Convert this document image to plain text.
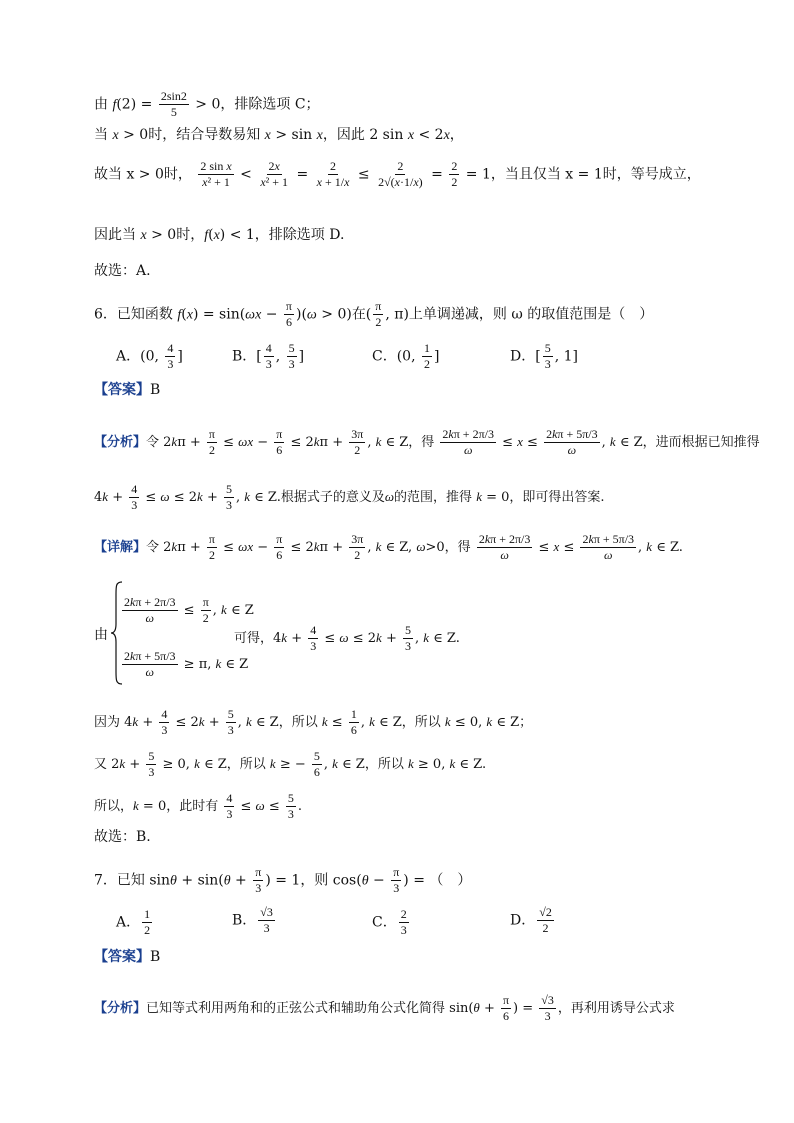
由 $f(2) = \frac{2\sin 2}{5} > 0$，排除选项 C；
当 x > 0时，结合导数易知 x > sin x，因此 2 sin x < 2x，
故当 x > 0时， $\frac{\text{2 sin x}}{\text{x² + 1}} < \frac{2x}{\text{x² + 1}} = \frac{2}{x + 1/x} \le \frac{2}{2√(x\cdot 1/x)} = \frac{2}{2} = 1$，当且仅当 x = 1时，等号成立，
因此当 x > 0时，f(x) < 1，排除选项 D.
故选：A.
6．已知函数 $f(x) = \sin(\omega x - \frac{\pi}{6} )(\omega > 0)$在( $\frac{\pi}{2}$ , π)上单调递减，则 ω 的取值范围是（　）
A．(0, $\frac{4}{3}$ ]	B．[ $\frac{4}{3}$ , $\frac{5}{3}$ ]	C．(0, $\frac{1}{2}$ ]	D．[ $\frac{5}{3}$ , 1]
【答案】B
【分析】令 $2k\pi + \frac{\pi}{2} \le \omega x - \frac{\pi}{6} \le 2k\pi + \frac{3\pi}{2}$ , k ∈ Z，得 $\frac{2k\pi + 2\pi/3}{\omega} \le x \le \frac{2k\pi + 5\pi/3}{\omega}$ , k ∈ Z，进而根据已知推得
$4k + \frac{4}{3} \le \omega \le 2k + \frac{5}{3}$ , k ∈ Z.根据式子的意义及ω的范围，推得 k = 0，即可得出答案.
【详解】令 $2k\pi + \frac{\pi}{2} \le \omega x - \frac{\pi}{6} \le 2k\pi + \frac{3\pi}{2}$ , k ∈ Z, ω>0，得 $\frac{2k\pi + 2\pi/3}{\omega} \le x \le \frac{2k\pi + 5\pi/3}{\omega}$ , k ∈ Z.
由
$\frac{2k\pi + 2\pi/3}{\omega} \le \frac{\pi}{2}$ , k ∈ Z
$\frac{2k\pi + 5\pi/3}{\omega} \ge \pi$, k ∈ Z
可得，$4k + \frac{4}{3} \le \omega \le 2k + \frac{5}{3}$ , k ∈ Z.
因为 $4k + \frac{4}{3} \le 2k + \frac{5}{3}$ , k ∈ Z，所以 $k \le \frac{1}{6}$ , k ∈ Z，所以 k ≤ 0, k ∈ Z；
又 $2k + \frac{5}{3} \ge 0$, k ∈ Z，所以 k ≥ − $\frac{5}{6}$ , k ∈ Z，所以 k ≥ 0, k ∈ Z.
所以，k = 0，此时有 $\frac{4}{3} \le \omega \le \frac{5}{3}$ .
故选：B.
7．已知 $\sin\theta + \sin(\theta + \frac{\pi}{3}$ ) = 1，则 $\cos(\theta - \frac{\pi}{3}$ ) = （　）
A． $\frac{1}{2}$	B． $\frac{√3}{3}$	C． $\frac{2}{3}$	D． $\frac{√2}{2}$
【答案】B
【分析】已知等式利用两角和的正弦公式和辅助角公式化简得 $\sin(\theta + \frac{\pi}{6}$ ) = $\frac{√3}{3}$ ，再利用诱导公式求
